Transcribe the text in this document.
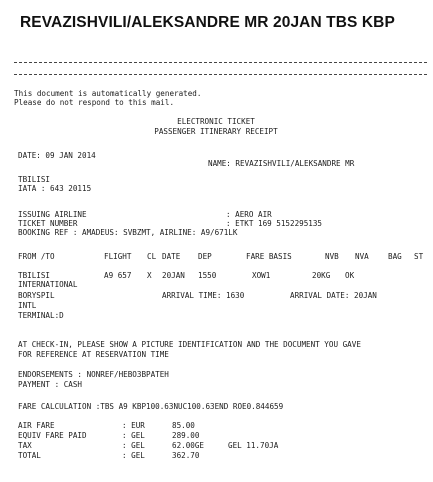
REVAZISHVILI/ALEKSANDRE MR 20JAN TBS KBP
This document is automatically generated.
Please do not respond to this mail.
ELECTRONIC TICKET
PASSENGER ITINERARY RECEIPT
DATE: 09 JAN 2014
NAME: REVAZISHVILI/ALEKSANDRE MR
TBILISI
IATA : 643 20115
ISSUING AIRLINE	: AERO AIR
TICKET NUMBER	: ETKT 169 5152295135
BOOKING REF : AMADEUS: SVBZMT, AIRLINE: A9/671LK
FROM /TO	FLIGHT CL DATE DEP	FARE BASIS	NVB NVA	BAG ST
TBILISI	A9 657 X 20JAN 1550	XOW1	20KG OK
INTERNATIONAL
BORYSPIL	ARRIVAL TIME: 1630	ARRIVAL DATE: 20JAN
INTL
TERMINAL:D
AT CHECK-IN, PLEASE SHOW A PICTURE IDENTIFICATION AND THE DOCUMENT YOU GAVE
FOR REFERENCE AT RESERVATION TIME
ENDORSEMENTS : NONREF/НЕВОЗВРАТЕН
PAYMENT : CASH
FARE CALCULATION :TBS A9 KBP100.63NUC100.63END ROE0.844659
AIR FARE	: EUR	85.00
EQUIV FARE PAID	: GEL	289.00
TAX	: GEL	62.00GE	GEL 11.70JA
TOTAL	: GEL	362.70
